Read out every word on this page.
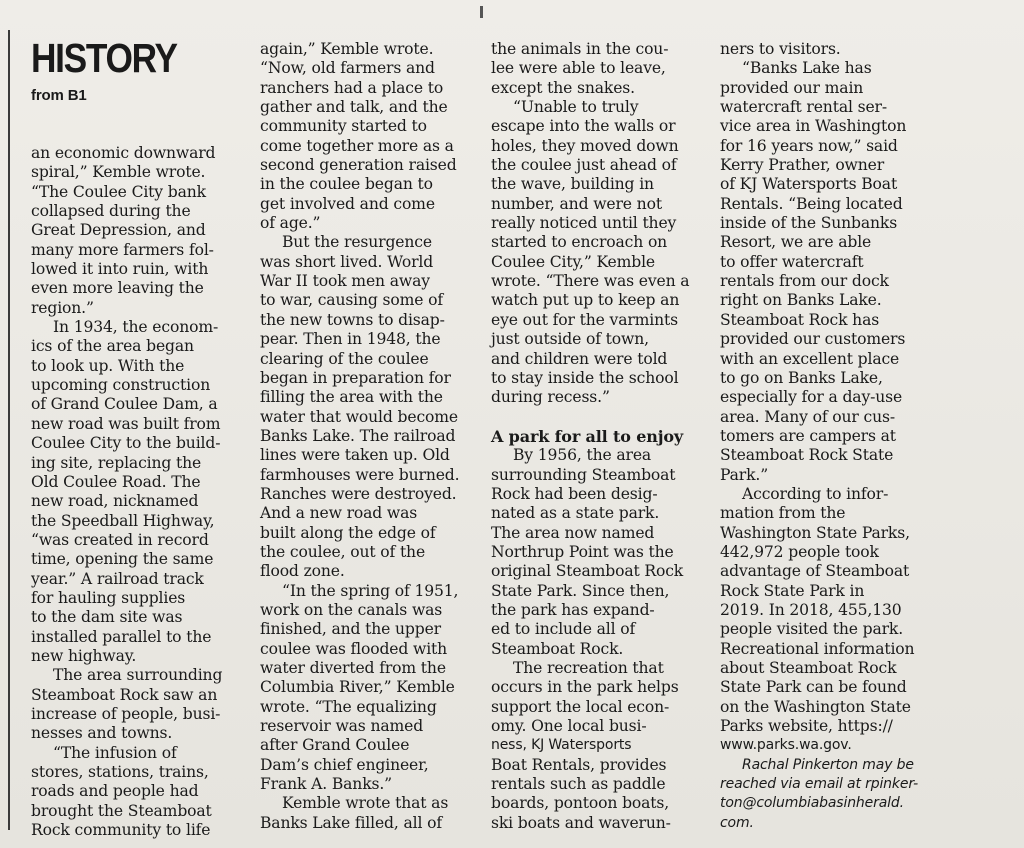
HISTORY
from B1
an economic downward
spiral,” Kemble wrote.
“The Coulee City bank
collapsed during the
Great Depression, and
many more farmers fol-
lowed it into ruin, with
even more leaving the
region.”
In 1934, the econom-
ics of the area began
to look up. With the
upcoming construction
of Grand Coulee Dam, a
new road was built from
Coulee City to the build-
ing site, replacing the
Old Coulee Road. The
new road, nicknamed
the Speedball Highway,
“was created in record
time, opening the same
year.” A railroad track
for hauling supplies
to the dam site was
installed parallel to the
new highway.
The area surrounding
Steamboat Rock saw an
increase of people, busi-
nesses and towns.
“The infusion of
stores, stations, trains,
roads and people had
brought the Steamboat
Rock community to life
again,” Kemble wrote.
“Now, old farmers and
ranchers had a place to
gather and talk, and the
community started to
come together more as a
second generation raised
in the coulee began to
get involved and come
of age.”
But the resurgence
was short lived. World
War II took men away
to war, causing some of
the new towns to disap-
pear. Then in 1948, the
clearing of the coulee
began in preparation for
filling the area with the
water that would become
Banks Lake. The railroad
lines were taken up. Old
farmhouses were burned.
Ranches were destroyed.
And a new road was
built along the edge of
the coulee, out of the
flood zone.
“In the spring of 1951,
work on the canals was
finished, and the upper
coulee was flooded with
water diverted from the
Columbia River,” Kemble
wrote. “The equalizing
reservoir was named
after Grand Coulee
Dam’s chief engineer,
Frank A. Banks.”
Kemble wrote that as
Banks Lake filled, all of
the animals in the cou-
lee were able to leave,
except the snakes.
“Unable to truly
escape into the walls or
holes, they moved down
the coulee just ahead of
the wave, building in
number, and were not
really noticed until they
started to encroach on
Coulee City,” Kemble
wrote. “There was even a
watch put up to keep an
eye out for the varmints
just outside of town,
and children were told
to stay inside the school
during recess.”
A park for all to enjoy
By 1956, the area
surrounding Steamboat
Rock had been desig-
nated as a state park.
The area now named
Northrup Point was the
original Steamboat Rock
State Park. Since then,
the park has expand-
ed to include all of
Steamboat Rock.
The recreation that
occurs in the park helps
support the local econ-
omy. One local busi-
ness, KJ Watersports
Boat Rentals, provides
rentals such as paddle
boards, pontoon boats,
ski boats and waverun-
ners to visitors.
“Banks Lake has
provided our main
watercraft rental ser-
vice area in Washington
for 16 years now,” said
Kerry Prather, owner
of KJ Watersports Boat
Rentals. “Being located
inside of the Sunbanks
Resort, we are able
to offer watercraft
rentals from our dock
right on Banks Lake.
Steamboat Rock has
provided our customers
with an excellent place
to go on Banks Lake,
especially for a day-use
area. Many of our cus-
tomers are campers at
Steamboat Rock State
Park.”
According to infor-
mation from the
Washington State Parks,
442,972 people took
advantage of Steamboat
Rock State Park in
2019. In 2018, 455,130
people visited the park.
Recreational information
about Steamboat Rock
State Park can be found
on the Washington State
Parks website, https://
www.parks.wa.gov.
Rachal Pinkerton may be
reached via email at rpinker-
ton@columbiabasinherald.
com.
